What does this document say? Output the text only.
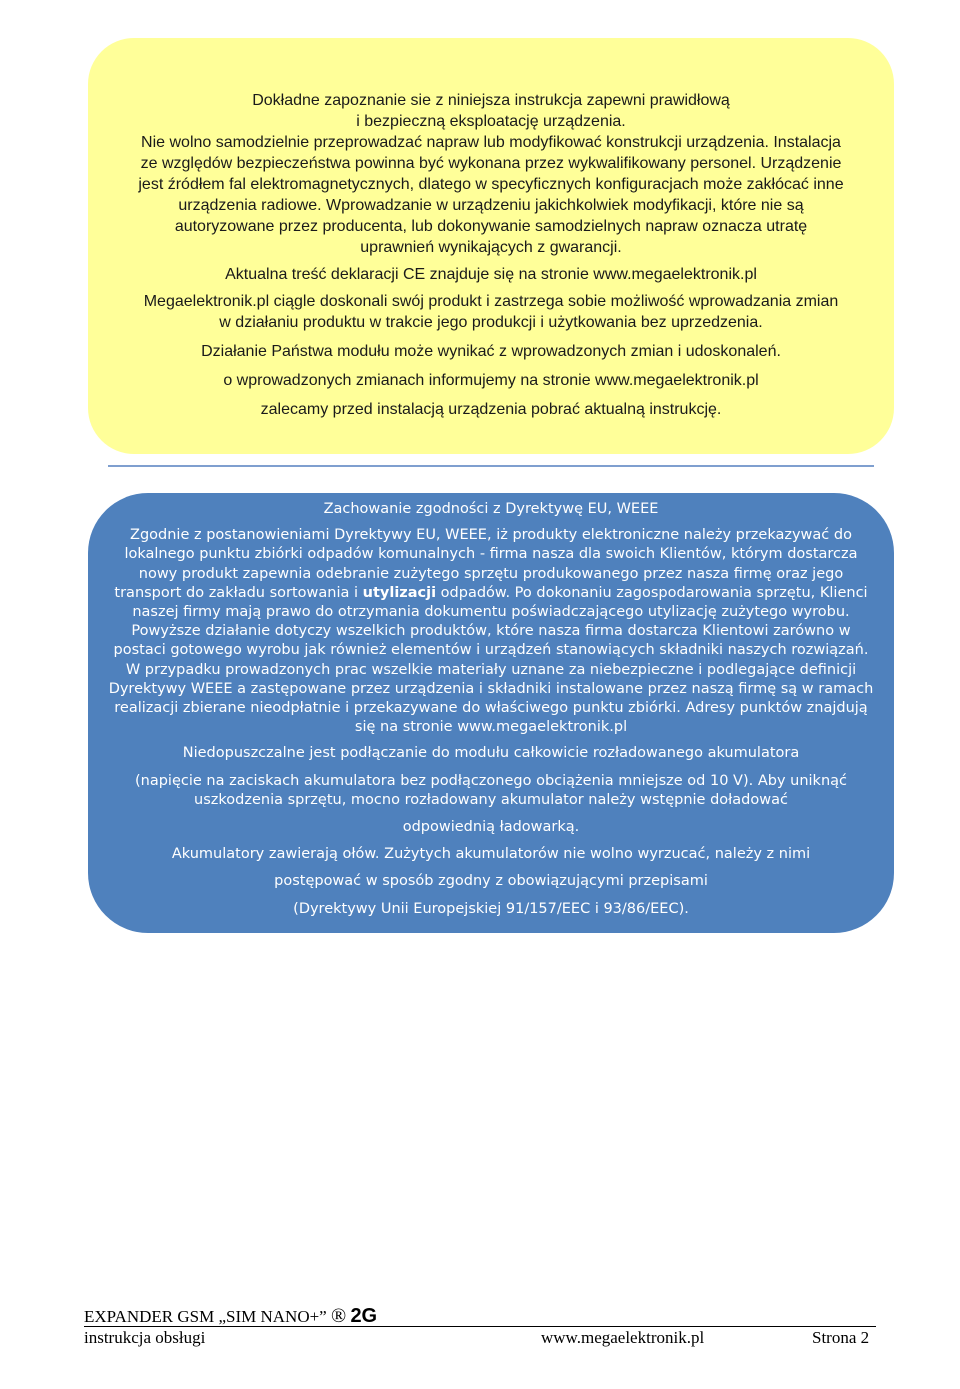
Dokładne zapoznanie sie z niniejsza instrukcja zapewni prawidłową

i bezpieczną eksploatację urządzenia.

Nie wolno samodzielnie przeprowadzać napraw lub modyfikować konstrukcji urządzenia. Instalacja

ze względów bezpieczeństwa powinna być wykonana przez wykwalifikowany personel. Urządzenie

jest źródłem fal elektromagnetycznych, dlatego w specyficznych konfiguracjach może zakłócać inne

urządzenia radiowe. Wprowadzanie w urządzeniu jakichkolwiek modyfikacji, które nie są

autoryzowane przez producenta, lub dokonywanie samodzielnych napraw oznacza utratę

uprawnień wynikających z gwarancji.

Aktualna treść deklaracji CE znajduje się na stronie www.megaelektronik.pl

Megaelektronik.pl ciągle doskonali swój produkt i zastrzega sobie możliwość wprowadzania zmian

w działaniu produktu w trakcie jego produkcji i użytkowania bez uprzedzenia.

Działanie Państwa modułu może wynikać z wprowadzonych zmian i udoskonaleń.

o wprowadzonych zmianach informujemy na stronie www.megaelektronik.pl

zalecamy przed instalacją urządzenia pobrać aktualną instrukcję.

Zachowanie zgodności z Dyrektywę EU, WEEE

Zgodnie z postanowieniami Dyrektywy EU, WEEE, iż produkty elektroniczne należy przekazywać do

lokalnego punktu zbiórki odpadów komunalnych - firma nasza dla swoich Klientów, którym dostarcza

nowy produkt zapewnia odebranie zużytego sprzętu produkowanego przez nasza firmę oraz jego

transport do zakładu sortowania i utylizacji odpadów. Po dokonaniu zagospodarowania sprzętu, Klienci

naszej firmy mają prawo do otrzymania dokumentu poświadczającego utylizację zużytego wyrobu.

Powyższe działanie dotyczy wszelkich produktów, które nasza firma dostarcza Klientowi zarówno w

postaci gotowego wyrobu jak również elementów i urządzeń stanowiących składniki naszych rozwiązań.

W przypadku prowadzonych prac wszelkie materiały uznane za niebezpieczne i podlegające definicji

Dyrektywy WEEE a zastępowane przez urządzenia i składniki instalowane przez naszą firmę są w ramach

realizacji zbierane nieodpłatnie i przekazywane do właściwego punktu zbiórki. Adresy punktów znajdują

się na stronie www.megaelektronik.pl

Niedopuszczalne jest podłączanie do modułu całkowicie rozładowanego akumulatora

(napięcie na zaciskach akumulatora bez podłączonego obciążenia mniejsze od 10 V). Aby uniknąć

uszkodzenia sprzętu, mocno rozładowany akumulator należy wstępnie doładować

odpowiednią ładowarką.

Akumulatory zawierają ołów. Zużytych akumulatorów nie wolno wyrzucać, należy z nimi

postępować w sposób zgodny z obowiązującymi przepisami

(Dyrektywy Unii Europejskiej 91/157/EEC i 93/86/EEC).

EXPANDER GSM „SIM NANO+” ® 2G
instrukcja obsługi	www.megaelektronik.pl	Strona 2
